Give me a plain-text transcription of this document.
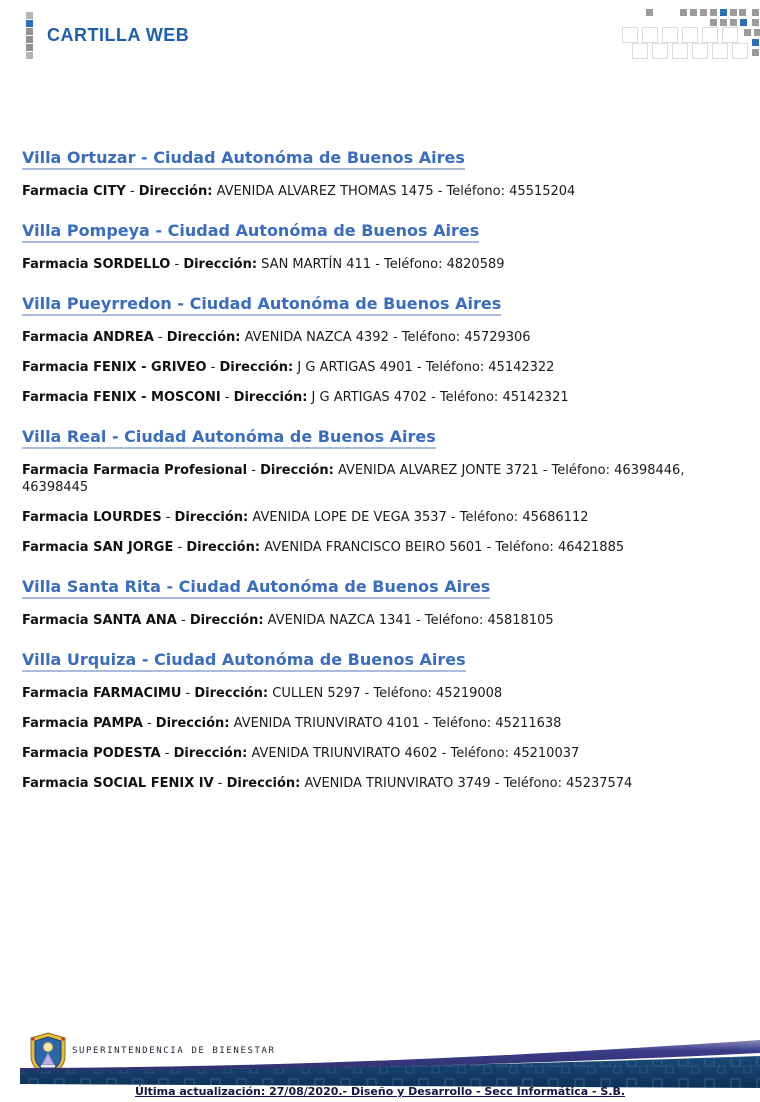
CARTILLA WEB
Villa Ortuzar - Ciudad Autonóma de Buenos Aires

Farmacia CITY - Dirección: AVENIDA ALVAREZ THOMAS 1475 - Teléfono: 45515204

Villa Pompeya - Ciudad Autonóma de Buenos Aires

Farmacia SORDELLO - Dirección: SAN MARTÍN 411 - Teléfono: 4820589

Villa Pueyrredon - Ciudad Autonóma de Buenos Aires

Farmacia ANDREA - Dirección: AVENIDA NAZCA 4392 - Teléfono: 45729306

Farmacia FENIX - GRIVEO - Dirección: J G ARTIGAS 4901 - Teléfono: 45142322

Farmacia FENIX - MOSCONI - Dirección: J G ARTIGAS 4702 - Teléfono: 45142321

Villa Real - Ciudad Autonóma de Buenos Aires

Farmacia Farmacia Profesional - Dirección: AVENIDA ALVAREZ JONTE 3721 - Teléfono: 46398446, 46398445

Farmacia LOURDES - Dirección: AVENIDA LOPE DE VEGA 3537 - Teléfono: 45686112

Farmacia SAN JORGE - Dirección: AVENIDA FRANCISCO BEIRO 5601 - Teléfono: 46421885

Villa Santa Rita - Ciudad Autonóma de Buenos Aires

Farmacia SANTA ANA - Dirección: AVENIDA NAZCA 1341 - Teléfono: 45818105

Villa Urquiza - Ciudad Autonóma de Buenos Aires

Farmacia FARMACIMU - Dirección: CULLEN 5297 - Teléfono: 45219008

Farmacia PAMPA - Dirección: AVENIDA TRIUNVIRATO 4101 - Teléfono: 45211638

Farmacia PODESTA - Dirección: AVENIDA TRIUNVIRATO 4602 - Teléfono: 45210037

Farmacia SOCIAL FENIX IV - Dirección: AVENIDA TRIUNVIRATO 3749 - Teléfono: 45237574

SUPERINTENDENCIA DE BIENESTAR
Última actualización: 27/08/2020.- Diseño y Desarrollo - Secc Informática - S.B.
